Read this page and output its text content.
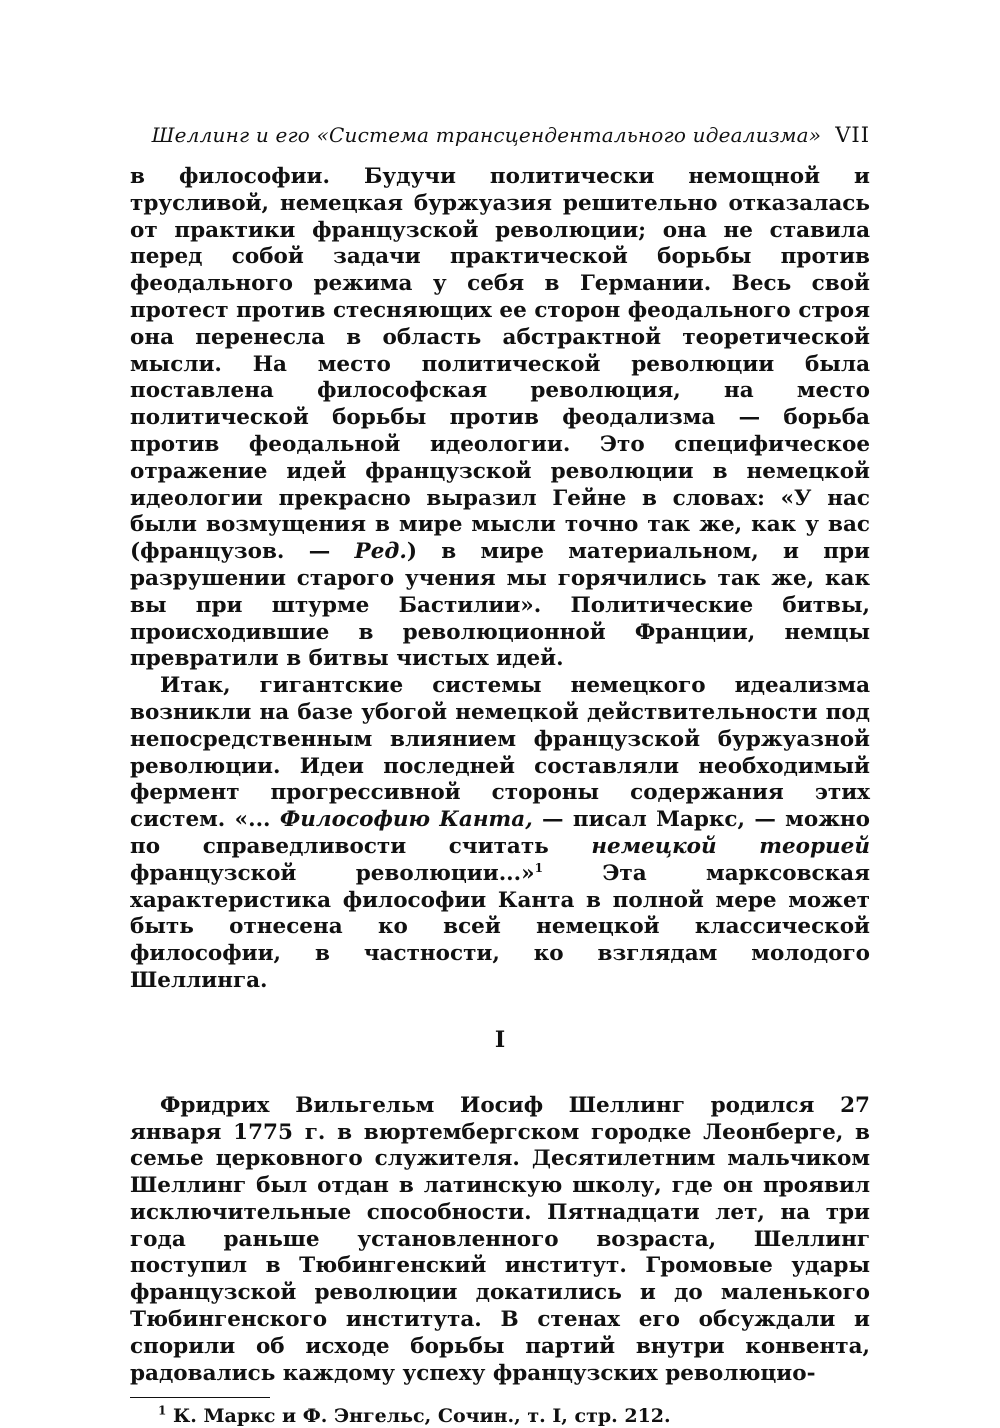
Шеллинг и его «Система трансцендентального идеализма» VII

в философии. Будучи политически немощной и трусливой, немецкая буржуазия решительно отказалась от практики французской революции; она не ставила перед собой задачи практической борьбы против феодального режима у себя в Германии. Весь свой протест против стесняющих ее сторон феодального строя она перенесла в область абстрактной теоретической мысли. На место политической революции была поставлена философская революция, на место политической борьбы против феодализма — борьба против феодальной идеологии. Это специфическое отражение идей французской революции в немецкой идеологии прекрасно выразил Гейне в словах: «У нас были возмущения в мире мысли точно так же, как у вас (французов. — Ред.) в мире материальном, и при разрушении старого учения мы горячились так же, как вы при штурме Бастилии». Политические битвы, происходившие в революционной Франции, немцы превратили в битвы чистых идей.

Итак, гигантские системы немецкого идеализма возникли на базе убогой немецкой действительности под непосредственным влиянием французской буржуазной революции. Идеи последней составляли необходимый фермент прогрессивной стороны содержания этих систем. «... Философию Канта, — писал Маркс, — можно по справедливости считать немецкой теорией французской революции...»$^1$	Эта марксовская характеристика философии Канта в полной мере может быть отнесена ко всей немецкой классической философии, в частности, ко взглядам молодого Шеллинга.

I

Фридрих Вильгельм Иосиф Шеллинг родился 27 января 1775 г. в вюртембергском городке Леонберге, в семье церковного служителя. Десятилетним мальчиком Шеллинг был отдан в латинскую школу, где он проявил исключительные способности. Пятнадцати лет, на три года раньше установленного возраста, Шеллинг поступил в Тюбингенский институт. Громовые удары французской революции докатились и до маленького Тюбингенского института. В стенах его обсуждали и спорили об исходе борьбы партий внутри конвента, радовались каждому успеху французских революцио-

$^1$ К. Маркс и Ф. Энгельс, Сочин., т. I, стр. 212.
